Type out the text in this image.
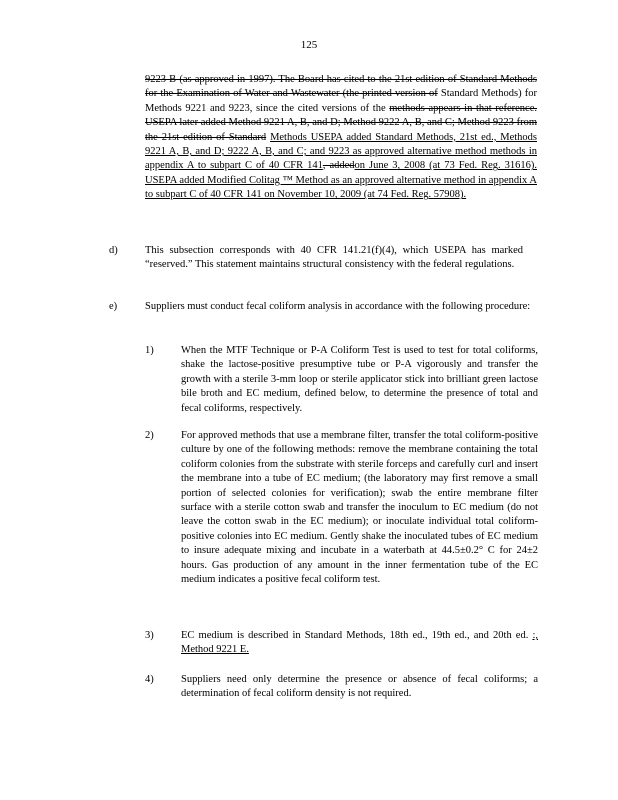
125
9223 B (as approved in 1997). The Board has cited to the 21st edition of Standard Methods for the Examination of Water and Wastewater (the printed version of Standard Methods) for Methods 9221 and 9223, since the cited versions of the methods appears in that reference. USEPA later added Method 9221 A, B, and D; Method 9222 A, B, and C; Method 9223 from the 21st edition of Standard Methods USEPA added Standard Methods, 21st ed., Methods 9221 A, B, and D; 9222 A, B, and C; and 9223 as approved alternative method methods in appendix A to subpart C of 40 CFR 141, addedon June 3, 2008 (at 73 Fed. Reg. 31616). USEPA added Modified Colitag ™ Method as an approved alternative method in appendix A to subpart C of 40 CFR 141 on November 10, 2009 (at 74 Fed. Reg. 57908).
d)	This subsection corresponds with 40 CFR 141.21(f)(4), which USEPA has marked “reserved.” This statement maintains structural consistency with the federal regulations.
e)	Suppliers must conduct fecal coliform analysis in accordance with the following procedure:
1)	When the MTF Technique or P-A Coliform Test is used to test for total coliforms, shake the lactose-positive presumptive tube or P-A vigorously and transfer the growth with a sterile 3-mm loop or sterile applicator stick into brilliant green lactose bile broth and EC medium, defined below, to determine the presence of total and fecal coliforms, respectively.
2)	For approved methods that use a membrane filter, transfer the total coliform-positive culture by one of the following methods: remove the membrane containing the total coliform colonies from the substrate with sterile forceps and carefully curl and insert the membrane into a tube of EC medium; (the laboratory may first remove a small portion of selected colonies for verification); swab the entire membrane filter surface with a sterile cotton swab and transfer the inoculum to EC medium (do not leave the cotton swab in the EC medium); or inoculate individual total coliform-positive colonies into EC medium. Gently shake the inoculated tubes of EC medium to insure adequate mixing and incubate in a waterbath at 44.5±0.2° C for 24±2 hours. Gas production of any amount in the inner fermentation tube of the EC medium indicates a positive fecal coliform test.
3)	EC medium is described in Standard Methods, 18th ed., 19th ed., and 20th ed. :, Method 9221 E.
4)	Suppliers need only determine the presence or absence of fecal coliforms; a determination of fecal coliform density is not required.
